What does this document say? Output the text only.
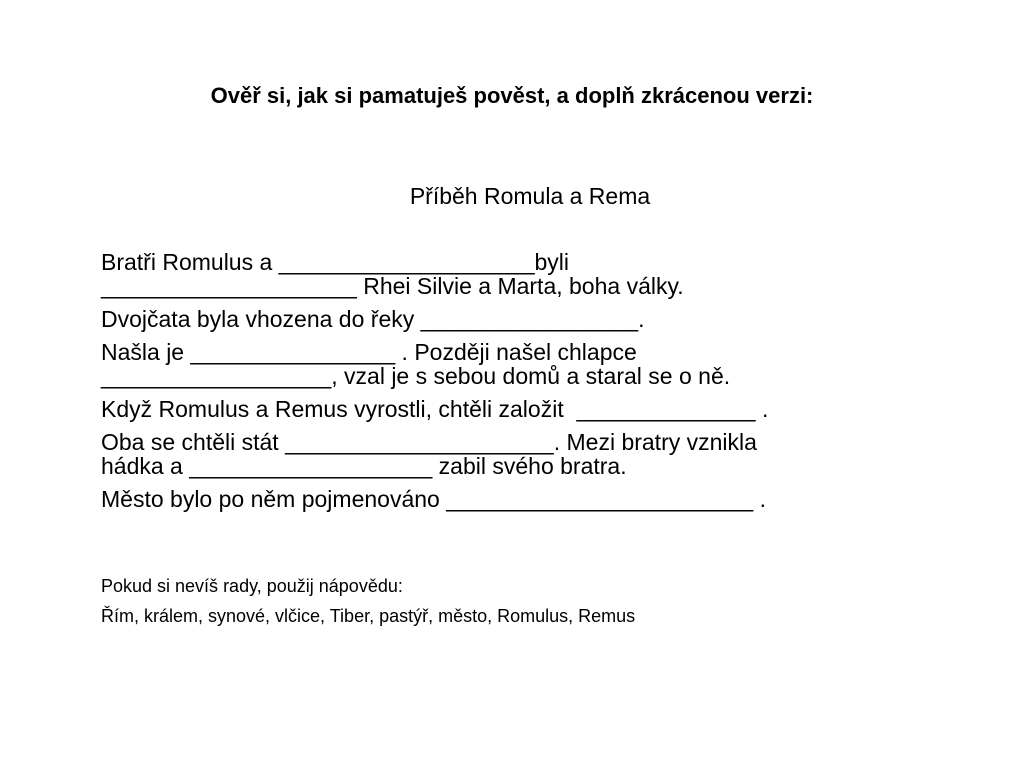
Ověř si, jak si pamatuješ pověst, a doplň zkrácenou verzi:
Příběh Romula a Rema

Bratři Romulus a ____________________byli
____________________ Rhei Silvie a Marta, boha války.

Dvojčata byla vhozena do řeky _________________.

Našla je ________________ . Později našel chlapce
__________________, vzal je s sebou domů a staral se o ně.

Když Romulus a Remus vyrostli, chtěli založit  ______________ .

Oba se chtěli stát _____________________. Mezi bratry vznikla
hádka a ___________________ zabil svého bratra.

Město bylo po něm pojmenováno ________________________ .

Pokud si nevíš rady, použij nápovědu:

Řím, králem, synové, vlčice, Tiber, pastýř, město, Romulus, Remus
